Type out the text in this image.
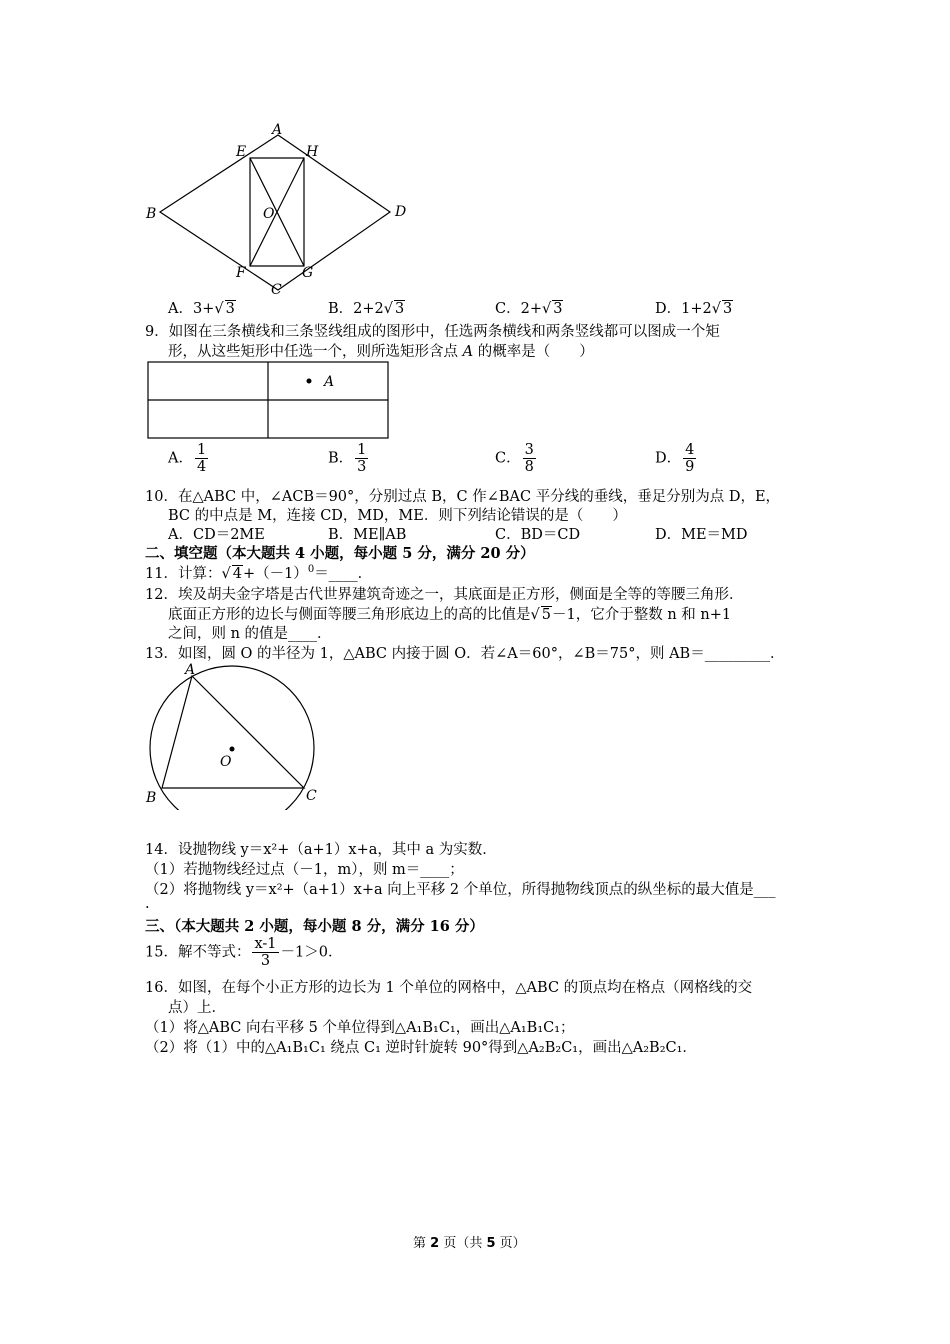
A
E	H
B	O	D
F	G
C
A．3+√ 3	B．2+2√ 3	C．2+√ 3	D．1+2√ 3
9．如图在三条横线和三条竖线组成的图形中，任选两条横线和两条竖线都可以图成一个矩
形，从这些矩形中任选一个，则所选矩形含点 A 的概率是（　　）
A
A． $\frac{1}{4}$	B． $\frac{1}{3}$	C． $\frac{3}{8}$	D． $\frac{4}{9}$
10．在△ABC 中，∠ACB＝90°，分别过点 B，C 作∠BAC 平分线的垂线，垂足分别为点 D，E，
BC 的中点是 M，连接 CD，MD，ME．则下列结论错误的是（　　）
A．CD＝2ME	B．ME∥AB	C．BD＝CD	D．ME＝MD
二、填空题（本大题共 4 小题，每小题 5 分，满分 20 分）
11．计算：√ $4+(-1)^0=\_\_\_\_$．
12．埃及胡夫金字塔是古代世界建筑奇迹之一，其底面是正方形，侧面是全等的等腰三角形．
底面正方形的边长与侧面等腰三角形底边上的高的比值是√ 5－1，它介于整数 n 和 n+1
之间，则 n 的值是____．
13．如图，圆 O 的半径为 1，△ABC 内接于圆 O．若∠A＝60°，∠B＝75°，则 AB＝_________．
A
O
B	C
14．设抛物线 y＝x²+（a+1）x+a，其中 a 为实数．
（1）若抛物线经过点（－1，m），则 m＝____；
（2）将抛物线 y＝x²+（a+1）x+a 向上平移 2 个单位，所得抛物线顶点的纵坐标的最大值是___
.
三、（本大题共 2 小题，每小题 8 分，满分 16 分）
15．解不等式： $\frac{x-1}{3} -1>0$．
16．如图，在每个小正方形的边长为 1 个单位的网格中，△ABC 的顶点均在格点（网格线的交
点）上．
（1）将△ABC 向右平移 5 个单位得到△A₁B₁C₁，画出△A₁B₁C₁；
（2）将（1）中的△A₁B₁C₁ 绕点 C₁ 逆时针旋转 90°得到△A₂B₂C₁，画出△A₂B₂C₁．
第 2 页（共 5 页）
